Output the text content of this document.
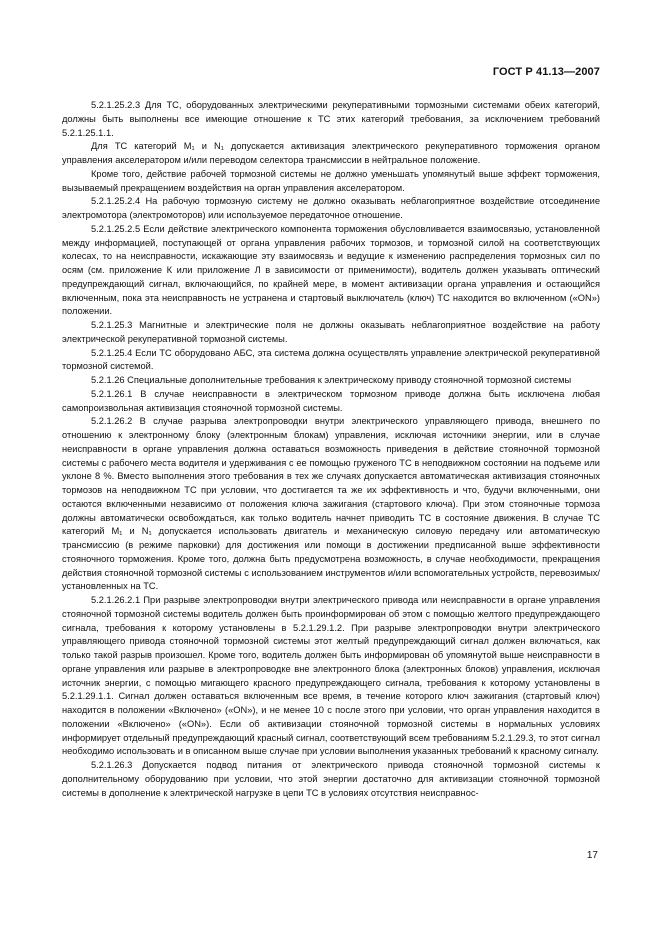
ГОСТ Р 41.13—2007

5.2.1.25.2.3 Для ТС, оборудованных электрическими рекуперативными тормозными системами обеих категорий, должны быть выполнены все имеющие отношение к ТС этих категорий требования, за исключением требований 5.2.1.25.1.1.

Для ТС категорий М₁ и N₁ допускается активизация электрического рекуперативного торможения органом управления акселератором и/или переводом селектора трансмиссии в нейтральное положение.

Кроме того, действие рабочей тормозной системы не должно уменьшать упомянутый выше эффект торможения, вызываемый прекращением воздействия на орган управления акселератором.

5.2.1.25.2.4 На рабочую тормозную систему не должно оказывать неблагоприятное воздействие отсоединение электромотора (электромоторов) или используемое передаточное отношение.

5.2.1.25.2.5 Если действие электрического компонента торможения обусловливается взаимосвязью, установленной между информацией, поступающей от органа управления рабочих тормозов, и тормозной силой на соответствующих колесах, то на неисправности, искажающие эту взаимосвязь и ведущие к изменению распределения тормозных сил по осям (см. приложение К или приложение Л в зависимости от применимости), водитель должен указывать оптический предупреждающий сигнал, включающийся, по крайней мере, в момент активизации органа управления и остающийся включенным, пока эта неисправность не устранена и стартовый выключатель (ключ) ТС находится во включенном («ON») положении.

5.2.1.25.3 Магнитные и электрические поля не должны оказывать неблагоприятное воздействие на работу электрической рекуперативной тормозной системы.

5.2.1.25.4 Если ТС оборудовано АБС, эта система должна осуществлять управление электрической рекуперативной тормозной системой.

5.2.1.26 Специальные дополнительные требования к электрическому приводу стояночной тормозной системы

5.2.1.26.1 В случае неисправности в электрическом тормозном приводе должна быть исключена любая самопроизвольная активизация стояночной тормозной системы.

5.2.1.26.2 В случае разрыва электропроводки внутри электрического управляющего привода, внешнего по отношению к электронному блоку (электронным блокам) управления, исключая источники энергии, или в случае неисправности в органе управления должна оставаться возможность приведения в действие стояночной тормозной системы с рабочего места водителя и удерживания с ее помощью груженого ТС в неподвижном состоянии на подъеме или уклоне 8 %. Вместо выполнения этого требования в тех же случаях допускается автоматическая активизация стояночных тормозов на неподвижном ТС при условии, что достигается та же их эффективность и что, будучи включенными, они остаются включенными независимо от положения ключа зажигания (стартового ключа). При этом стояночные тормоза должны автоматически освобождаться, как только водитель начнет приводить ТС в состояние движения. В случае ТС категорий М₁ и N₁ допускается использовать двигатель и механическую силовую передачу или автоматическую трансмиссию (в режиме парковки) для достижения или помощи в достижении предписанной выше эффективности стояночного торможения. Кроме того, должна быть предусмотрена возможность, в случае необходимости, прекращения действия стояночной тормозной системы с использованием инструментов и/или вспомогательных устройств, перевозимых/установленных на ТС.

5.2.1.26.2.1 При разрыве электропроводки внутри электрического привода или неисправности в органе управления стояночной тормозной системы водитель должен быть проинформирован об этом с помощью желтого предупреждающего сигнала, требования к которому установлены в 5.2.1.29.1.2. При разрыве электропроводки внутри электрического управляющего привода стояночной тормозной системы этот желтый предупреждающий сигнал должен включаться, как только такой разрыв произошел. Кроме того, водитель должен быть информирован об упомянутой выше неисправности в органе управления или разрыве в электропроводке вне электронного блока (электронных блоков) управления, исключая источник энергии, с помощью мигающего красного предупреждающего сигнала, требования к которому установлены в 5.2.1.29.1.1. Сигнал должен оставаться включенным все время, в течение которого ключ зажигания (стартовый ключ) находится в положении «Включено» («ON»), и не менее 10 с после этого при условии, что орган управления находится в положении «Включено» («ON»). Если об активизации стояночной тормозной системы в нормальных условиях информирует отдельный предупреждающий красный сигнал, соответствующий всем требованиям 5.2.1.29.3, то этот сигнал необходимо использовать и в описанном выше случае при условии выполнения указанных требований к красному сигналу.

5.2.1.26.3 Допускается подвод питания от электрического привода стояночной тормозной системы к дополнительному оборудованию при условии, что этой энергии достаточно для активизации стояночной тормозной системы в дополнение к электрической нагрузке в цепи ТС в условиях отсутствия неисправнос-

17
